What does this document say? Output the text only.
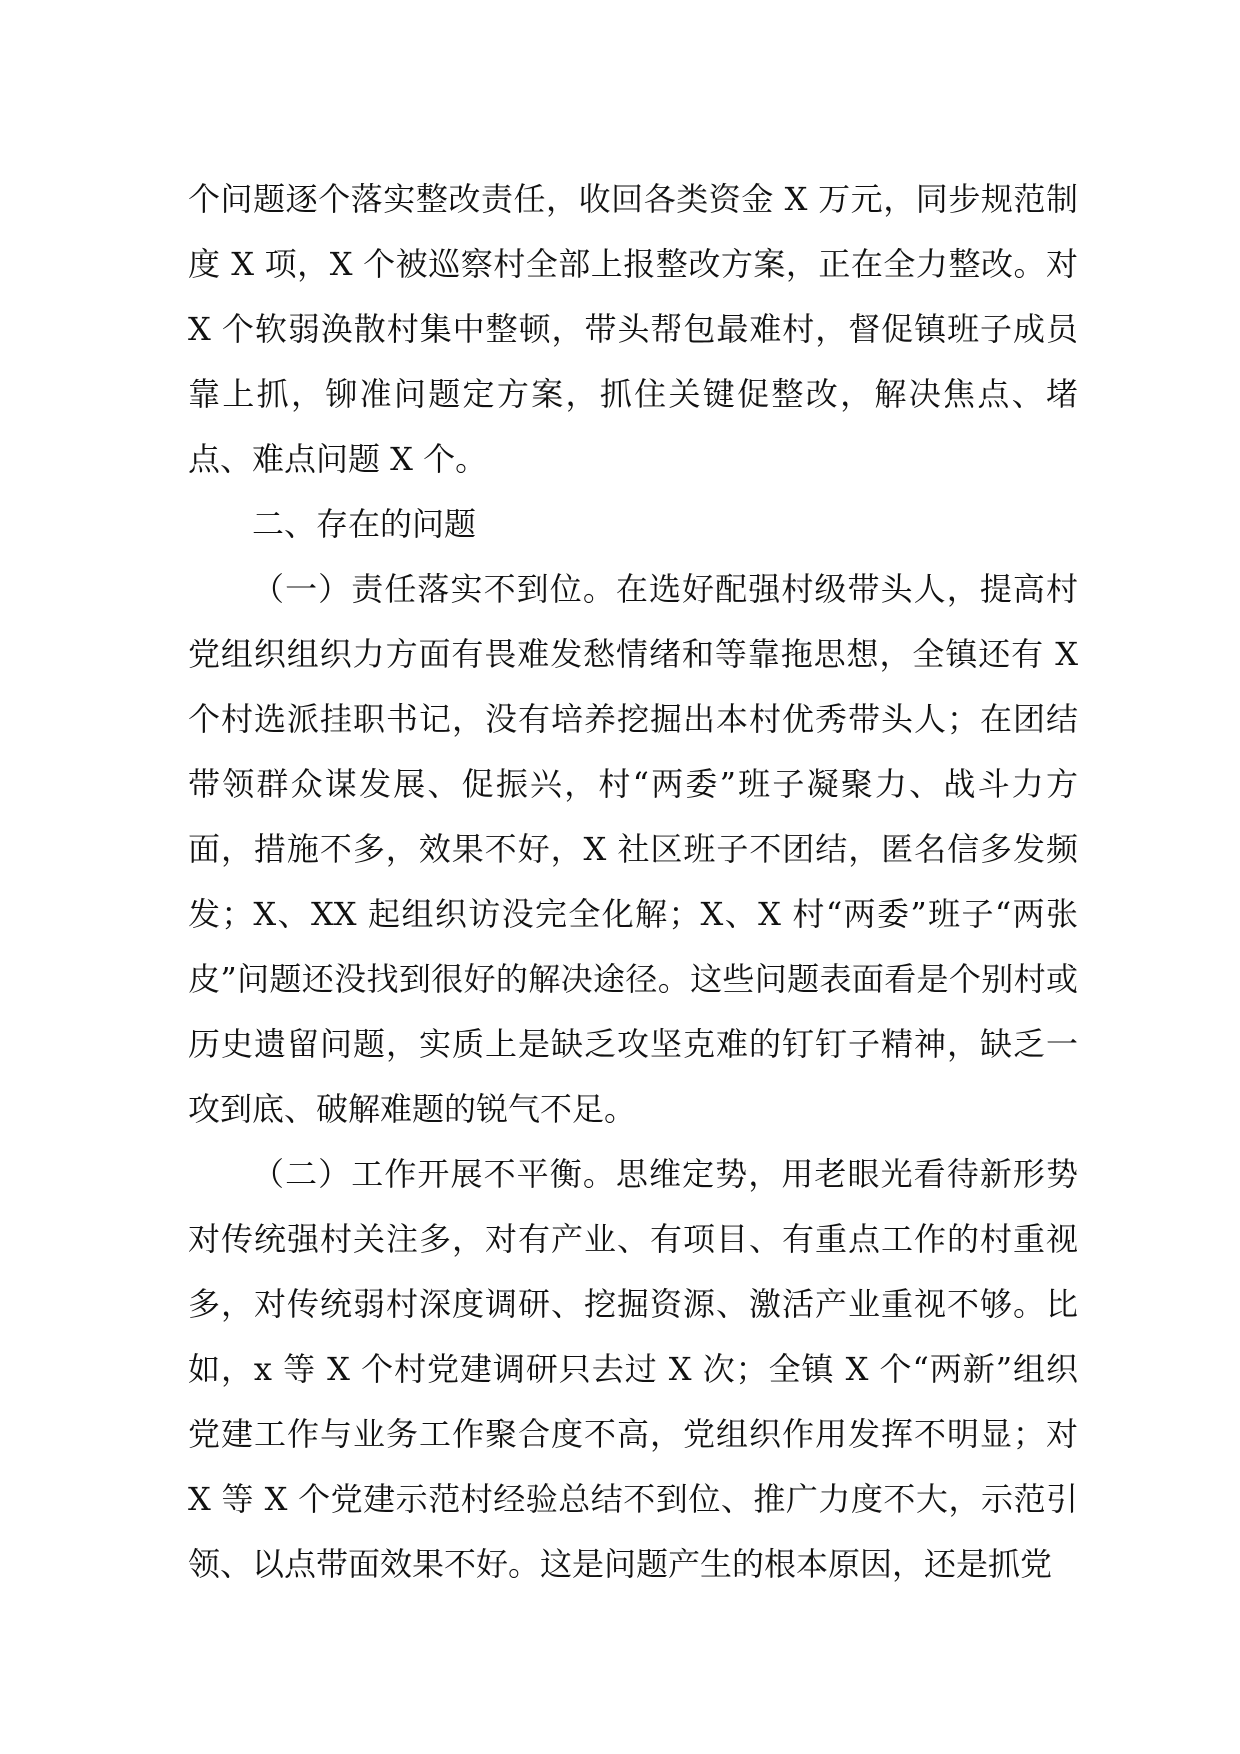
个问题逐个落实整改责任，收回各类资金 X 万元，同步规范制度 X 项，X 个被巡察村全部上报整改方案，正在全力整改。对 X 个软弱涣散村集中整顿，带头帮包最难村，督促镇班子成员靠上抓，铆准问题定方案，抓住关键促整改，解决焦点、堵点、难点问题 X 个。

二、存在的问题

（一）责任落实不到位。在选好配强村级带头人，提高村党组织组织力方面有畏难发愁情绪和等靠拖思想，全镇还有 X 个村选派挂职书记，没有培养挖掘出本村优秀带头人；在团结带领群众谋发展、促振兴，村“两委”班子凝聚力、战斗力方面，措施不多，效果不好，X 社区班子不团结，匿名信多发频发；X、XX 起组织访没完全化解；X、X 村“两委”班子“两张皮”问题还没找到很好的解决途径。这些问题表面看是个别村或历史遗留问题，实质上是缺乏攻坚克难的钉钉子精神，缺乏一攻到底、破解难题的锐气不足。

（二）工作开展不平衡。思维定势，用老眼光看待新形势对传统强村关注多，对有产业、有项目、有重点工作的村重视多，对传统弱村深度调研、挖掘资源、激活产业重视不够。比如，x 等 X 个村党建调研只去过 X 次；全镇 X 个“两新”组织党建工作与业务工作聚合度不高，党组织作用发挥不明显；对 X 等 X 个党建示范村经验总结不到位、推广力度不大，示范引领、以点带面效果不好。这是问题产生的根本原因，还是抓党
